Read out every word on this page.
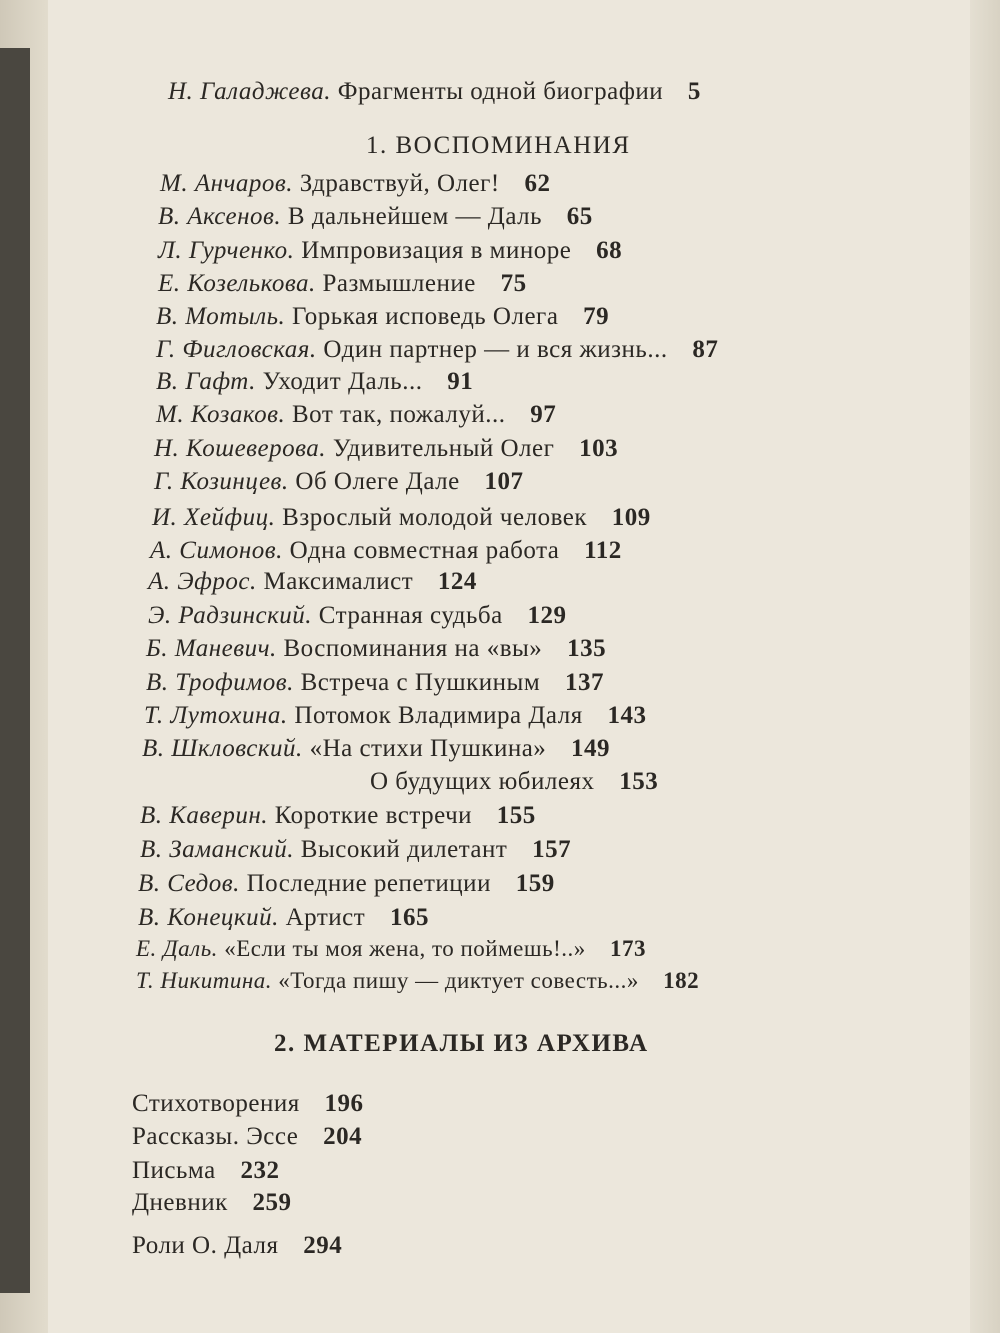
Н. Галаджева. Фрагменты одной биографии 5
1. ВОСПОМИНАНИЯ
М. Анчаров. Здравствуй, Олег! 62
В. Аксенов. В дальнейшем — Даль 65
Л. Гурченко. Импровизация в миноре 68
Е. Козелькова. Размышление 75
В. Мотыль. Горькая исповедь Олега 79
Г. Фигловская. Один партнер — и вся жизнь... 87
В. Гафт. Уходит Даль... 91
М. Козаков. Вот так, пожалуй... 97
Н. Кошеверова. Удивительный Олег 103
Г. Козинцев. Об Олеге Дале 107
И. Хейфиц. Взрослый молодой человек 109
А. Симонов. Одна совместная работа 112
А. Эфрос. Максималист 124
Э. Радзинский. Странная судьба 129
Б. Маневич. Воспоминания на «вы» 135
В. Трофимов. Встреча с Пушкиным 137
Т. Лутохина. Потомок Владимира Даля 143
В. Шкловский. «На стихи Пушкина» 149
О будущих юбилеях 153
В. Каверин. Короткие встречи 155
В. Заманский. Высокий дилетант 157
В. Седов. Последние репетиции 159
В. Конецкий. Артист 165
Е. Даль. «Если ты моя жена, то поймешь!..» 173
Т. Никитина. «Тогда пишу — диктует совесть...» 182
2. МАТЕРИАЛЫ ИЗ АРХИВА
Стихотворения 196
Рассказы. Эссе 204
Письма 232
Дневник 259
Роли О. Даля 294
